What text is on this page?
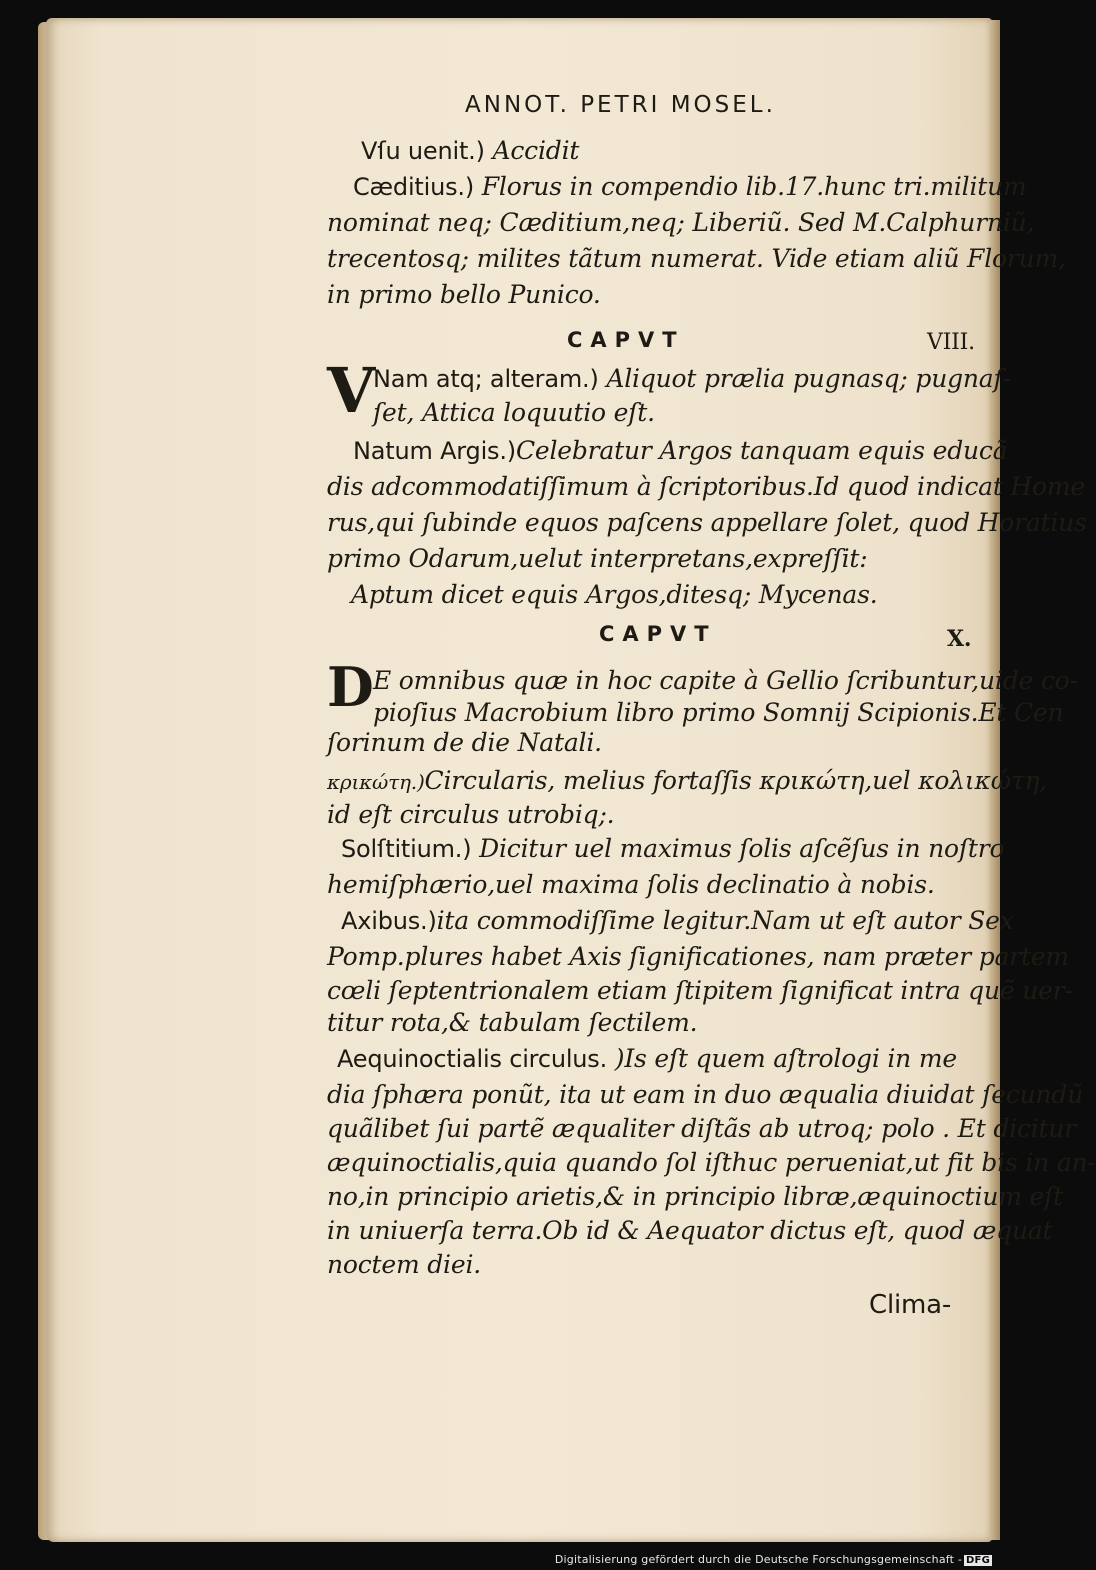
ANNOT. PETRI MOSEL.
Vſu uenit.) Accidit
Cæditius.) Florus in compendio lib.17.hunc tri.militum
nominat neq; Cæditium,neq; Liberiũ. Sed M.Calphurniũ,
trecentosq; milites tãtum numerat. Vide etiam aliũ Florum,
in primo bello Punico.
CAPVT	VIII.
V
Nam atq; alteram.) Aliquot prælia pugnasq; pugnaſ-
ſet, Attica loquutio eſt.
Natum Argis.)Celebratur Argos tanquam equis educã
dis adcommodatiſſimum à ſcriptoribus.Id quod indicat Home
rus,qui ſubinde equos paſcens appellare ſolet, quod Horatius
primo Odarum,uelut interpretans,expreſſit:
Aptum dicet equis Argos,ditesq; Mycenas.
CAPVT	X.
D E omnibus quæ in hoc capite à Gellio ſcribuntur,uide co-
pioſius Macrobium libro primo Somnij Scipionis.Et Cen
ſorinum de die Natali.
κρικώτη.)Circularis, melius fortaſſis κρικώτη,uel κολικώτη,
id eſt circulus utrobiq;.
Solſtitium.) Dicitur uel maximus ſolis aſcẽſus in noſtro
hemiſphærio,uel maxima ſolis declinatio à nobis.
Axibus.)ita commodiſſime legitur.Nam ut eſt autor Sex
Pomp.plures habet Axis ſignificationes, nam præter partem
cœli ſeptentrionalem etiam ſtipitem ſignificat intra quẽ uer-
titur rota,& tabulam ſectilem.
Aequinoctialis circulus. )Is eſt quem aſtrologi in me
dia ſphæra ponũt, ita ut eam in duo æqualia diuidat ſecundũ
quãlibet ſui partẽ æqualiter diſtãs ab utroq; polo . Et dicitur
æquinoctialis,quia quando ſol iſthuc perueniat,ut fit bis in an-
no,in principio arietis,& in principio libræ,æquinoctium eſt
in uniuerſa terra.Ob id & Aequator dictus eſt, quod æquat
noctem diei.
Clima-
Digitalisierung gefördert durch die Deutsche Forschungsgemeinschaft - DFG
